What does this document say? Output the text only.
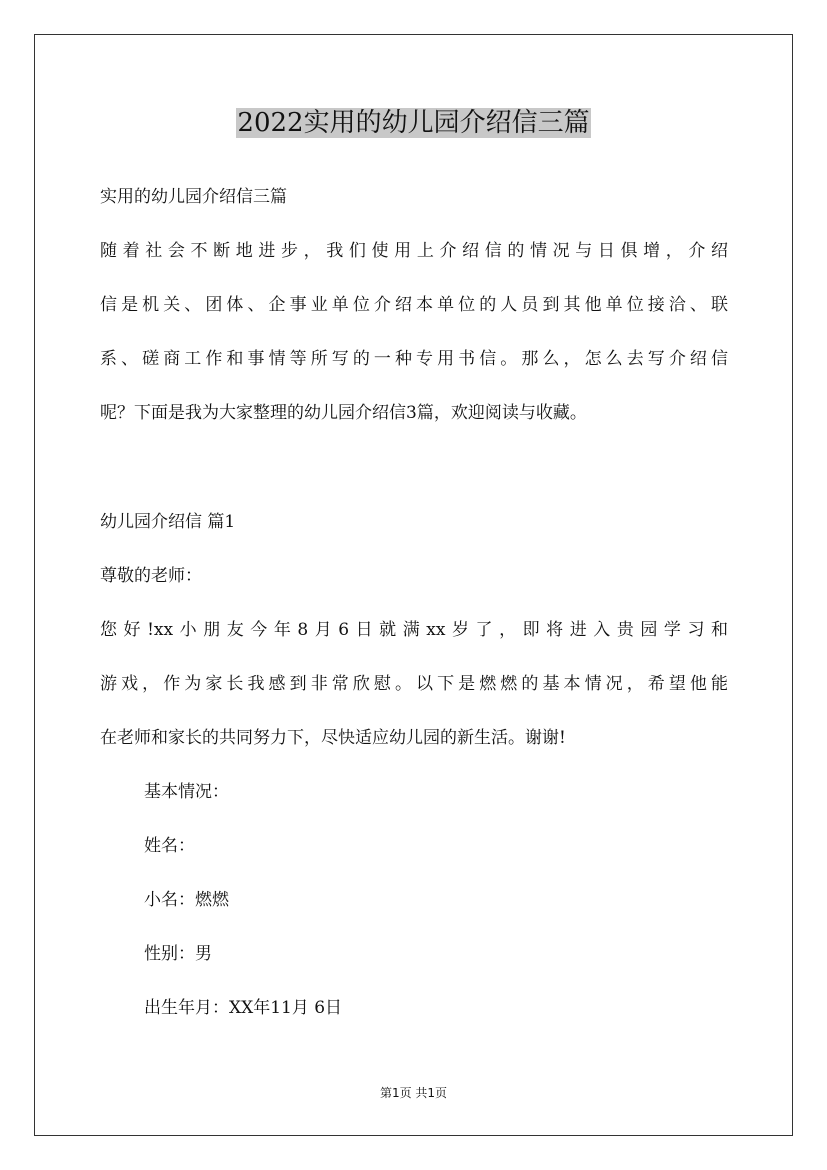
2022实用的幼儿园介绍信三篇
实用的幼儿园介绍信三篇

随着社会不断地进步，我们使用上介绍信的情况与日俱增，介绍

信是机关、团体、企事业单位介绍本单位的人员到其他单位接洽、联

系、磋商工作和事情等所写的一种专用书信。那么，怎么去写介绍信

呢？下面是我为大家整理的幼儿园介绍信3篇，欢迎阅读与收藏。

幼儿园介绍信 篇1
尊敬的老师：

您好!xx小朋友今年8月6日就满xx岁了，即将进入贵园学习和

游戏，作为家长我感到非常欣慰。以下是燃燃的基本情况，希望他能

在老师和家长的共同努力下，尽快适应幼儿园的新生活。谢谢!

基本情况：
姓名：
小名：燃燃
性别：男
出生年月：XX年11月 6日
第1页 共1页
